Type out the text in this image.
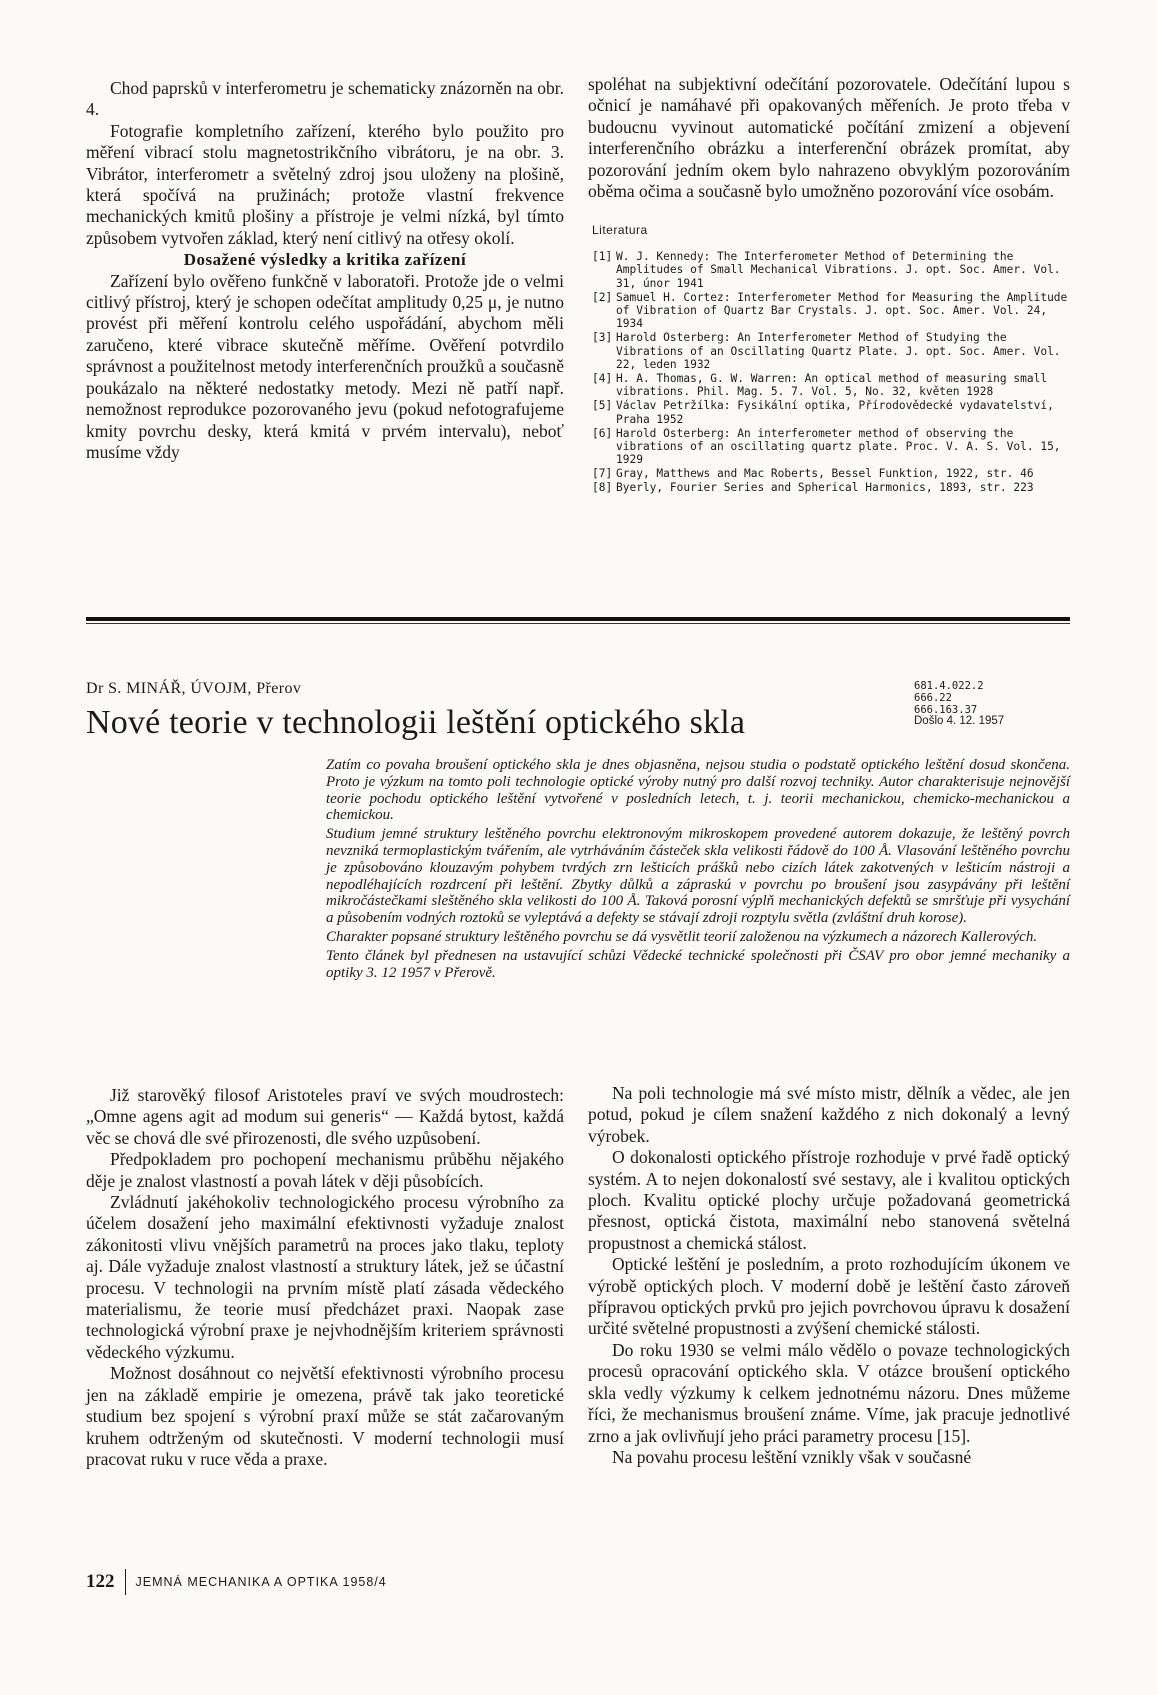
Chod paprsků v interferometru je schematicky znázorněn na obr. 4.

Fotografie kompletního zařízení, kterého bylo použito pro měření vibrací stolu magnetostrikčního vibrátoru, je na obr. 3. Vibrátor, interferometr a světelný zdroj jsou uloženy na plošině, která spočívá na pružinách; protože vlastní frekvence mechanických kmitů plošiny a přístroje je velmi nízká, byl tímto způsobem vytvořen základ, který není citlivý na otřesy okolí.

Dosažené výsledky a kritika zařízení

Zařízení bylo ověřeno funkčně v laboratoři. Protože jde o velmi citlivý přístroj, který je schopen odečítat amplitudy 0,25 μ, je nutno provést při měření kontrolu celého uspořádání, abychom měli zaručeno, které vibrace skutečně měříme. Ověření potvrdilo správnost a použitelnost metody interferenčních proužků a současně poukázalo na některé nedostatky metody. Mezi ně patří např. nemožnost reprodukce pozorovaného jevu (pokud nefotografujeme kmity povrchu desky, která kmitá v prvém intervalu), neboť musíme vždy

spoléhat na subjektivní odečítání pozorovatele. Odečítání lupou s očnicí je namáhavé při opakovaných měřeních. Je proto třeba v budoucnu vyvinout automatické počítání zmizení a objevení interferenčního obrázku a interferenční obrázek promítat, aby pozorování jedním okem bylo nahrazeno obvyklým pozorováním oběma očima a současně bylo umožněno pozorování více osobám.

Literatura
[1] W. J. Kennedy: The Interferometer Method of Determining the Amplitudes of Small Mechanical Vibrations. J. opt. Soc. Amer. Vol. 31, únor 1941
[2] Samuel H. Cortez: Interferometer Method for Measuring the Amplitude of Vibration of Quartz Bar Crystals. J. opt. Soc. Amer. Vol. 24, 1934
[3] Harold Osterberg: An Interferometer Method of Studying the Vibrations of an Oscillating Quartz Plate. J. opt. Soc. Amer. Vol. 22, leden 1932
[4] H. A. Thomas, G. W. Warren: An optical method of measuring small vibrations. Phil. Mag. 5. 7. Vol. 5, No. 32, květen 1928
[5] Václav Petržílka: Fysikální optika, Přírodovědecké vydavatelství, Praha 1952
[6] Harold Osterberg: An interferometer method of observing the vibrations of an oscillating quartz plate. Proc. V. A. S. Vol. 15, 1929
[7] Gray, Matthews and Mac Roberts, Bessel Funktion, 1922, str. 46
[8] Byerly, Fourier Series and Spherical Harmonics, 1893, str. 223
Dr S. MINÁŘ, ÚVOJM, Přerov
Nové teorie v technologii leštění optického skla
681.4.022.2
666.22
666.163.37
Došlo 4. 12. 1957

Zatím co povaha broušení optického skla je dnes objasněna, nejsou studia o podstatě optického leštění dosud skončena. Proto je výzkum na tomto poli technologie optické výroby nutný pro další rozvoj techniky. Autor charakterisuje nejnovější teorie pochodu optického leštění vytvořené v posledních letech, t. j. teorii mechanickou, chemicko-mechanickou a chemickou.

Studium jemné struktury leštěného povrchu elektronovým mikroskopem provedené autorem dokazuje, že leštěný povrch nevzniká termoplastickým tvářením, ale vytrháváním částeček skla velikosti řádově do 100 Å. Vlasování leštěného povrchu je způsobováno klouzavým pohybem tvrdých zrn lešticích prášků nebo cizích látek zakotvených v lešticím nástroji a nepodléhajících rozdrcení při leštění. Zbytky důlků a zápraskú v povrchu po broušení jsou zasypávány při leštění mikročástečkami sleštěného skla velikosti do 100 Å. Taková porosní výplň mechanických defektů se smršťuje při vysychání a působením vodných roztoků se vyleptává a defekty se stávají zdroji rozptylu světla (zvláštní druh korose).

Charakter popsané struktury leštěného povrchu se dá vysvětlit teorií založenou na výzkumech a názorech Kallerových.

Tento článek byl přednesen na ustavující schůzi Vědecké technické společnosti při ČSAV pro obor jemné mechaniky a optiky 3. 12 1957 v Přerově.

Již starověký filosof Aristoteles praví ve svých moudrostech: „Omne agens agit ad modum sui generis“ — Každá bytost, každá věc se chová dle své přirozenosti, dle svého uzpůsobení.

Předpokladem pro pochopení mechanismu průběhu nějakého děje je znalost vlastností a povah látek v ději působících.

Zvládnutí jakéhokoliv technologického procesu výrobního za účelem dosažení jeho maximální efektivnosti vyžaduje znalost zákonitosti vlivu vnějších parametrů na proces jako tlaku, teploty aj. Dále vyžaduje znalost vlastností a struktury látek, jež se účastní procesu. V technologii na prvním místě platí zásada vědeckého materialismu, že teorie musí předcházet praxi. Naopak zase technologická výrobní praxe je nejvhodnějším kriteriem správnosti vědeckého výzkumu.

Možnost dosáhnout co největší efektivnosti výrobního procesu jen na základě empirie je omezena, právě tak jako teoretické studium bez spojení s výrobní praxí může se stát začarovaným kruhem odtrženým od skutečnosti. V moderní technologii musí pracovat ruku v ruce věda a praxe.

Na poli technologie má své místo mistr, dělník a vědec, ale jen potud, pokud je cílem snažení každého z nich dokonalý a levný výrobek.

O dokonalosti optického přístroje rozhoduje v prvé řadě optický systém. A to nejen dokonalostí své sestavy, ale i kvalitou optických ploch. Kvalitu optické plochy určuje požadovaná geometrická přesnost, optická čistota, maximální nebo stanovená světelná propustnost a chemická stálost.

Optické leštění je posledním, a proto rozhodujícím úkonem ve výrobě optických ploch. V moderní době je leštění často zároveň přípravou optických prvků pro jejich povrchovou úpravu k dosažení určité světelné propustnosti a zvýšení chemické stálosti.

Do roku 1930 se velmi málo vědělo o povaze technologických procesů opracování optického skla. V otázce broušení optického skla vedly výzkumy k celkem jednotnému názoru. Dnes můžeme říci, že mechanismus broušení známe. Víme, jak pracuje jednotlivé zrno a jak ovlivňují jeho práci parametry procesu [15].

Na povahu procesu leštění vznikly však v současné

122	JEMNÁ MECHANIKA A OPTIKA 1958/4
